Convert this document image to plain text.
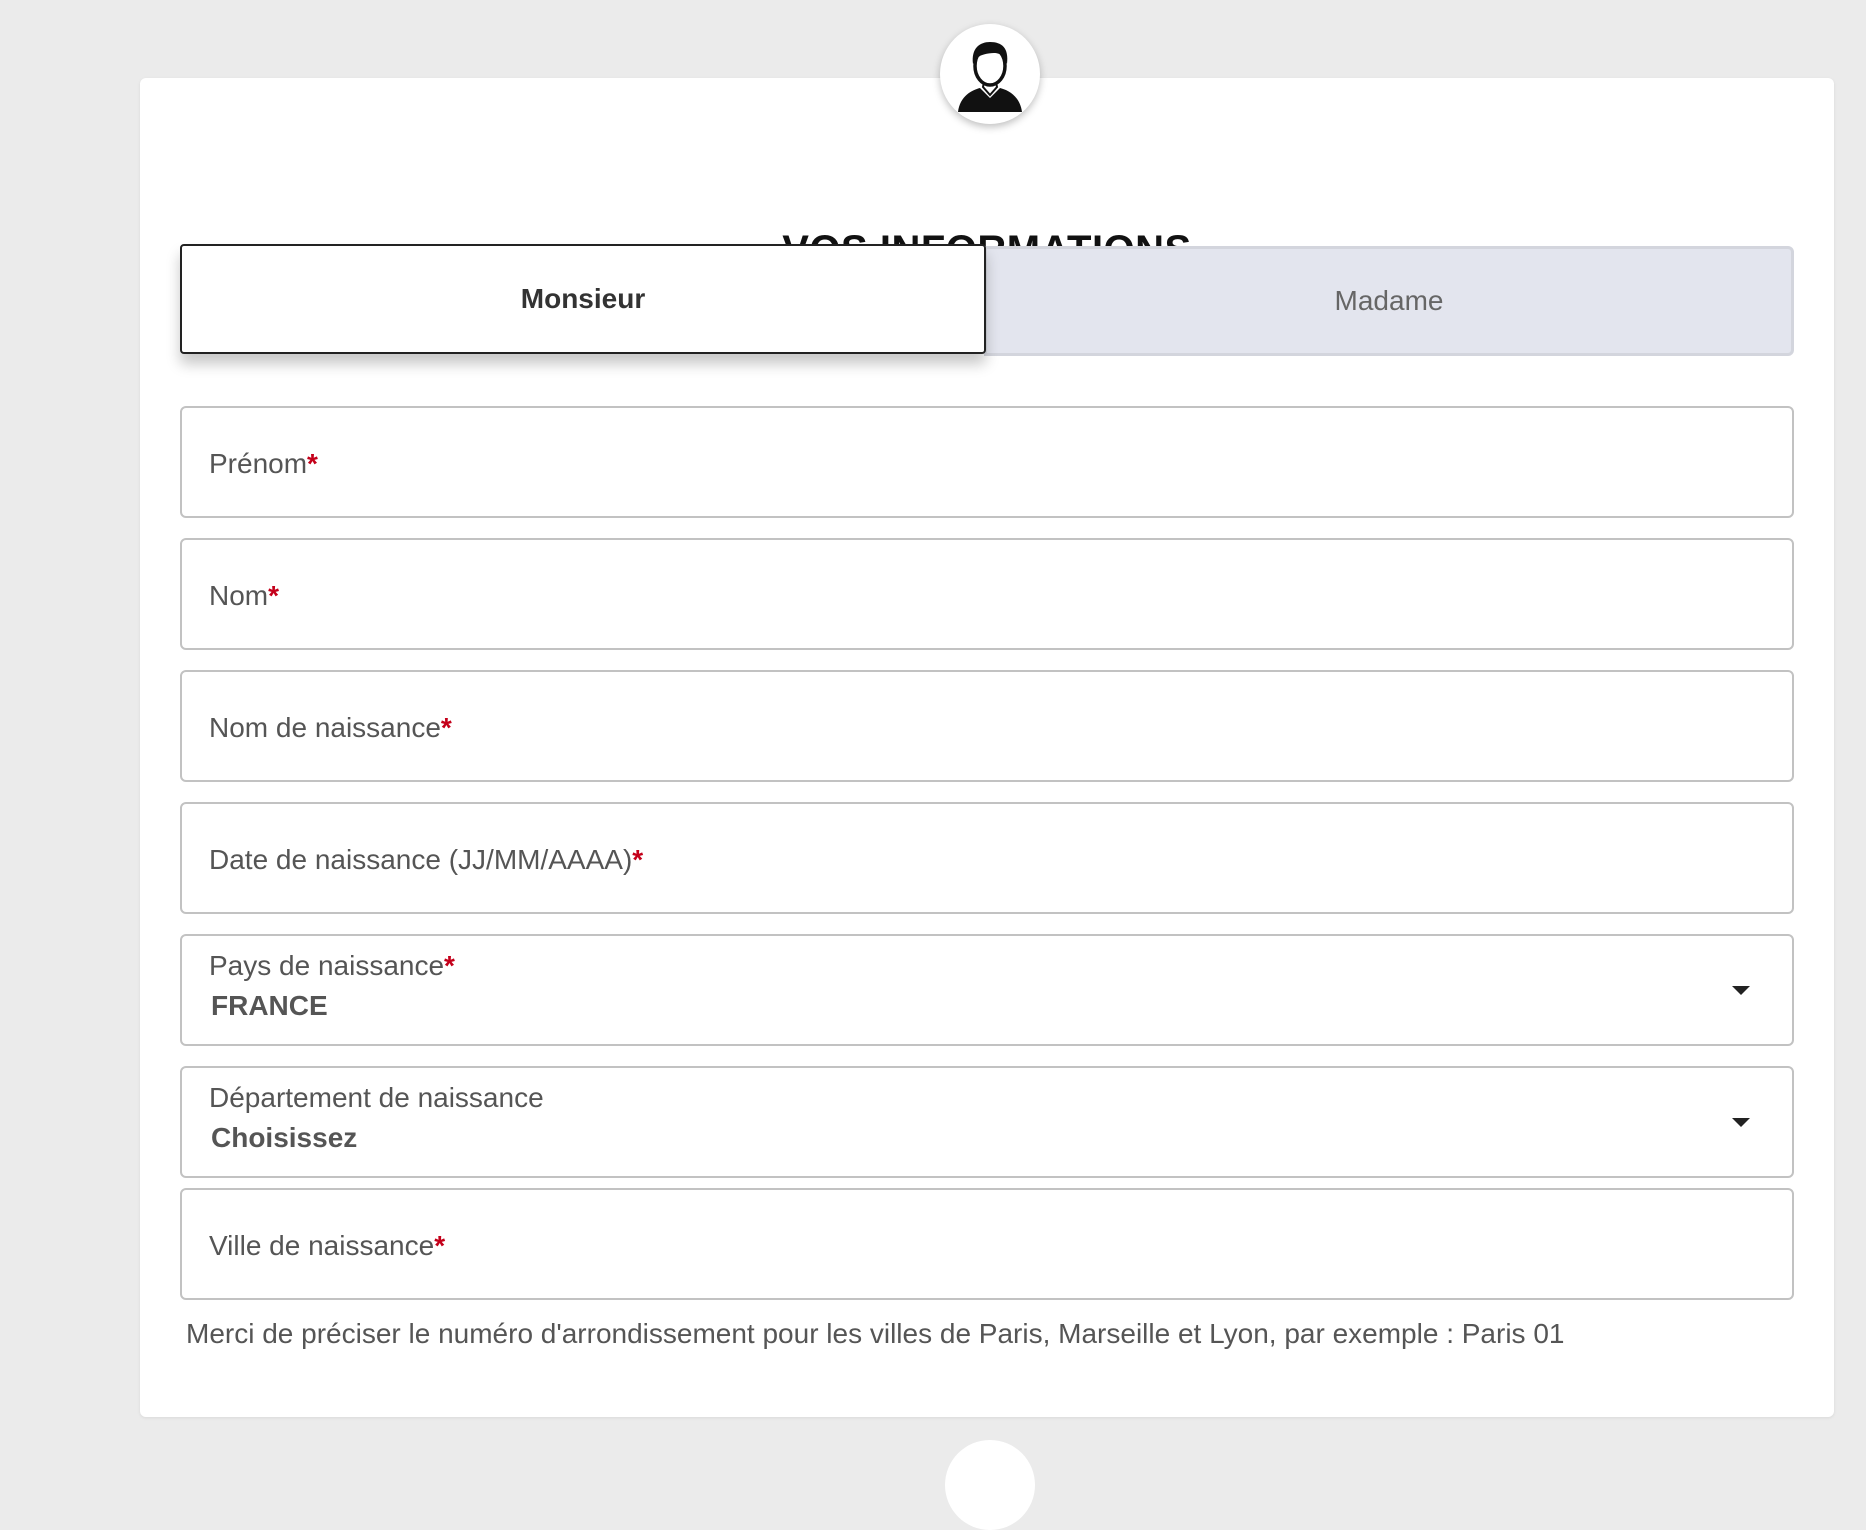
Madame
Monsieur
Prénom*
Nom*
Nom de naissance*
Date de naissance (JJ/MM/AAAA)*
Pays de naissance*
FRANCE
Département de naissance
Choisissez
Ville de naissance*
Merci de préciser le numéro d'arrondissement pour les villes de Paris, Marseille et Lyon, par exemple : Paris 01
